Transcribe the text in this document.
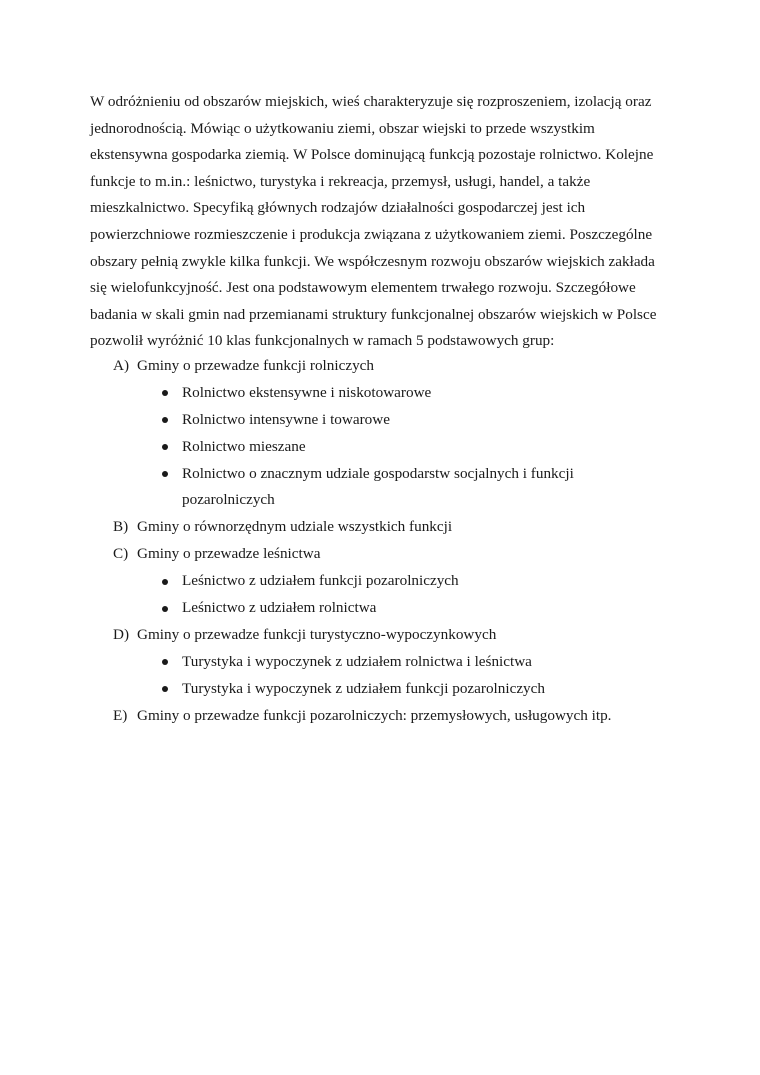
W odróżnieniu od obszarów miejskich, wieś charakteryzuje się rozproszeniem, izolacją oraz
jednorodnością. Mówiąc o użytkowaniu ziemi, obszar wiejski to przede wszystkim
ekstensywna gospodarka ziemią. W Polsce dominującą funkcją pozostaje rolnictwo. Kolejne
funkcje to m.in.: leśnictwo, turystyka i rekreacja, przemysł, usługi, handel, a także
mieszkalnictwo. Specyfiką głównych rodzajów działalności gospodarczej jest ich
powierzchniowe rozmieszczenie i produkcja związana z użytkowaniem ziemi. Poszczególne
obszary pełnią zwykle kilka funkcji. We współczesnym rozwoju obszarów wiejskich zakłada
się wielofunkcyjność. Jest ona podstawowym elementem trwałego rozwoju. Szczegółowe
badania w skali gmin nad przemianami struktury funkcjonalnej obszarów wiejskich w Polsce
pozwolił wyróżnić 10 klas funkcjonalnych w ramach 5 podstawowych grup:
A) Gminy o przewadze funkcji rolniczych
Rolnictwo ekstensywne i niskotowarowe
Rolnictwo intensywne i towarowe
Rolnictwo mieszane
Rolnictwo o znacznym udziale gospodarstw socjalnych i funkcji
pozarolniczych
B) Gminy o równorzędnym udziale wszystkich funkcji
C) Gminy o przewadze leśnictwa
Leśnictwo z udziałem funkcji pozarolniczych
Leśnictwo z udziałem rolnictwa
D) Gminy o przewadze funkcji turystyczno-wypoczynkowych
Turystyka i wypoczynek z udziałem rolnictwa i leśnictwa
Turystyka i wypoczynek z udziałem funkcji pozarolniczych
E) Gminy o przewadze funkcji pozarolniczych: przemysłowych, usługowych itp.
